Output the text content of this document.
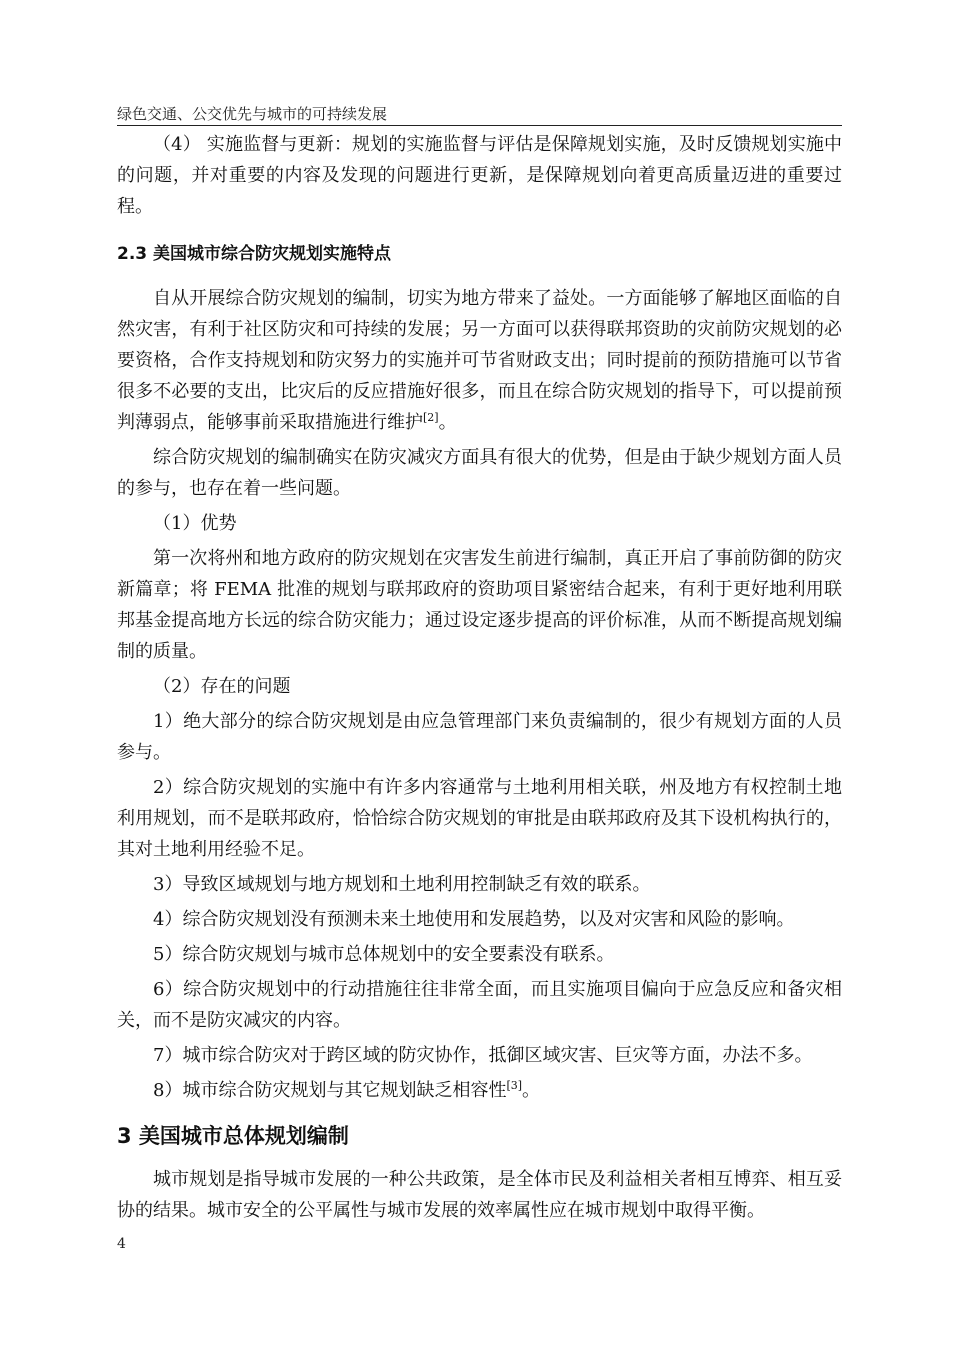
绿色交通、公交优先与城市的可持续发展

（4） 实施监督与更新：规划的实施监督与评估是保障规划实施，及时反馈规划实施中的问题，并对重要的内容及发现的问题进行更新，是保障规划向着更高质量迈进的重要过程。

2.3 美国城市综合防灾规划实施特点

自从开展综合防灾规划的编制，切实为地方带来了益处。一方面能够了解地区面临的自然灾害，有利于社区防灾和可持续的发展；另一方面可以获得联邦资助的灾前防灾规划的必要资格，合作支持规划和防灾努力的实施并可节省财政支出；同时提前的预防措施可以节省很多不必要的支出，比灾后的反应措施好很多，而且在综合防灾规划的指导下，可以提前预判薄弱点，能够事前采取措施进行维护[2]。

综合防灾规划的编制确实在防灾减灾方面具有很大的优势，但是由于缺少规划方面人员的参与，也存在着一些问题。

（1）优势

第一次将州和地方政府的防灾规划在灾害发生前进行编制，真正开启了事前防御的防灾新篇章；将 FEMA 批准的规划与联邦政府的资助项目紧密结合起来，有利于更好地利用联邦基金提高地方长远的综合防灾能力；通过设定逐步提高的评价标准，从而不断提高规划编制的质量。

（2）存在的问题

1）绝大部分的综合防灾规划是由应急管理部门来负责编制的，很少有规划方面的人员参与。

2）综合防灾规划的实施中有许多内容通常与土地利用相关联，州及地方有权控制土地利用规划，而不是联邦政府，恰恰综合防灾规划的审批是由联邦政府及其下设机构执行的，其对土地利用经验不足。

3）导致区域规划与地方规划和土地利用控制缺乏有效的联系。

4）综合防灾规划没有预测未来土地使用和发展趋势，以及对灾害和风险的影响。

5）综合防灾规划与城市总体规划中的安全要素没有联系。

6）综合防灾规划中的行动措施往往非常全面，而且实施项目偏向于应急反应和备灾相关，而不是防灾减灾的内容。

7）城市综合防灾对于跨区域的防灾协作，抵御区域灾害、巨灾等方面，办法不多。

8）城市综合防灾规划与其它规划缺乏相容性[3]。

3 美国城市总体规划编制

城市规划是指导城市发展的一种公共政策，是全体市民及利益相关者相互博弈、相互妥协的结果。城市安全的公平属性与城市发展的效率属性应在城市规划中取得平衡。

4
